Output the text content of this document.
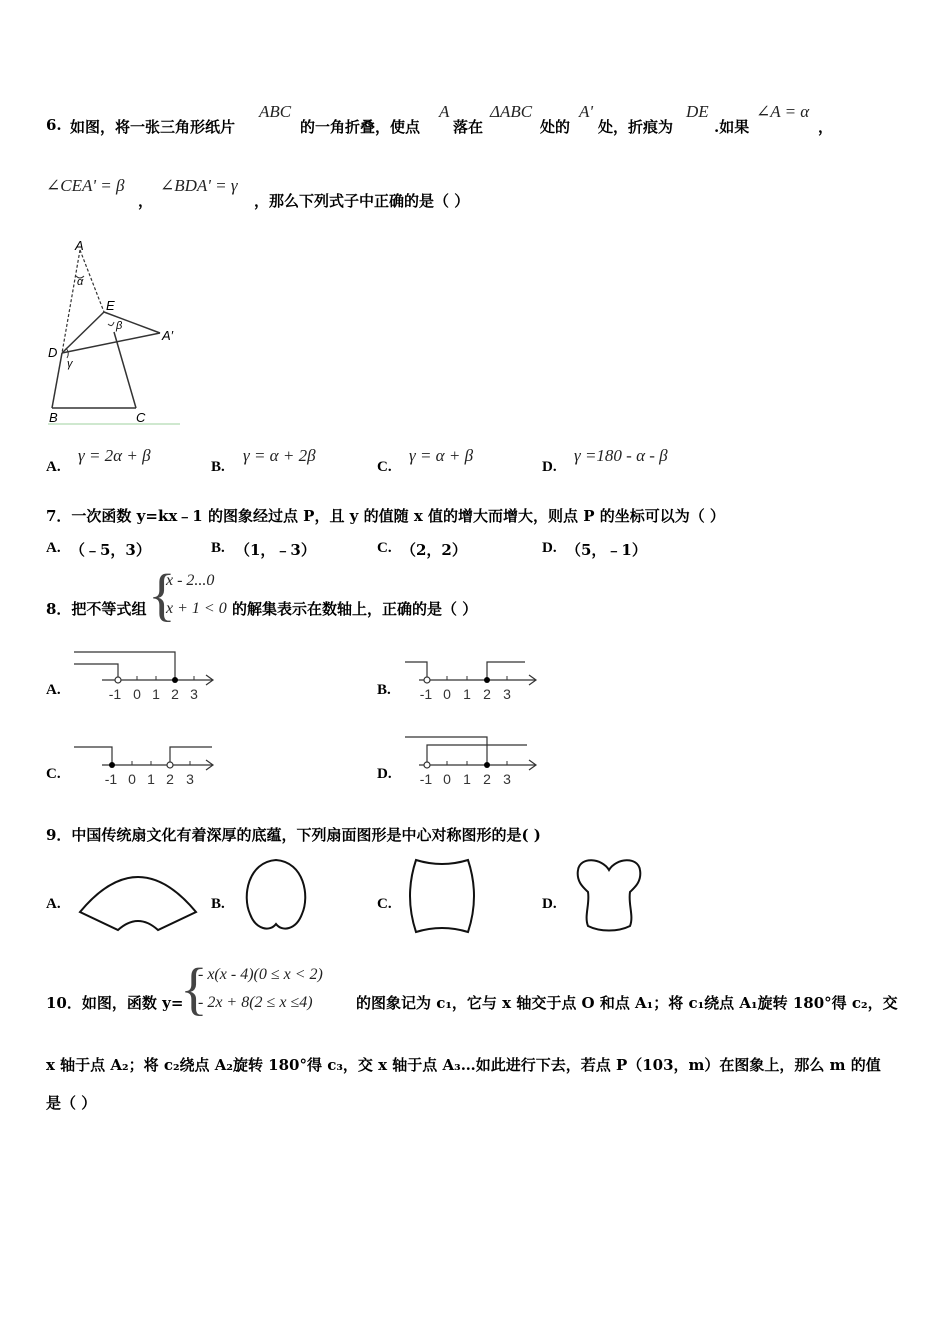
6. 如图，将一张三角形纸片
ABC
的一角折叠，使点
A
落在
ΔABC
处的
A'
处，折痕为
DE
.如果
∠A = α
，
∠CEA' = β
，
∠BDA' = γ
，那么下列式子中正确的是（ ）
A
α
E
β
A′
D
γ
B	C
A.
γ = 2α + β
B.
γ = α + 2β
C.
γ = α + β
D.
γ =180 - α - β
7．一次函数 y=kx﹣1 的图象经过点 P，且 y 的值随 x 值的增大而增大，则点 P 的坐标可以为（ ）
A. （﹣5，3）	B. （1，﹣3）	C. （2，2）	D. （5，﹣1）
8．把不等式组 {
x - 2...0
x + 1 < 0 的解集表示在数轴上，正确的是（ ）
A.	-1 0 1 2 3	B. -1 0 1 2 3
C.	-1 0 1 2 3	D. -1 0 1 2 3
9．中国传统扇文化有着深厚的底蕴，下列扇面图形是中心对称图形的是( )
A.	B.	C.	D.
10．如图，函数 y=
{
- x(x - 4)(0 ≤ x < 2)
- 2x + 8(2 ≤ x ≤4)	的图象记为 c₁，它与 x 轴交于点 O 和点 A₁；将 c₁绕点 A₁旋转 180°得 c₂，交
x 轴于点 A₂；将 c₂绕点 A₂旋转 180°得 c₃，交 x 轴于点 A₃…如此进行下去，若点 P（103，m）在图象上，那么 m 的值
是（ ）
